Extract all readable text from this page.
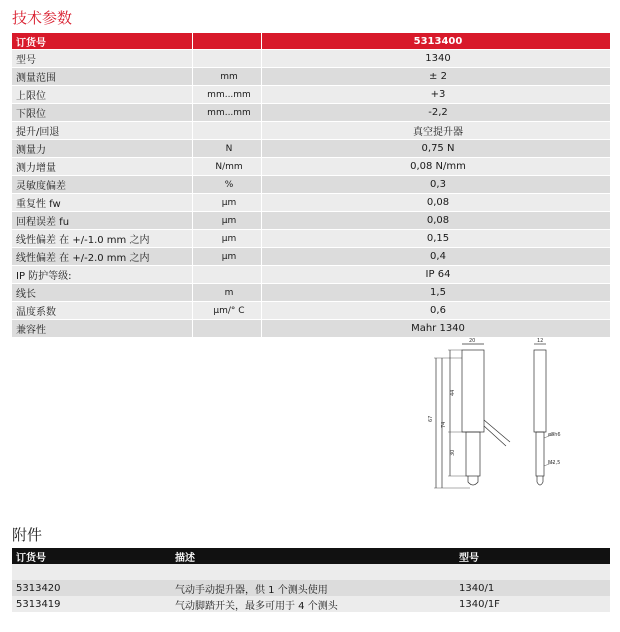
技术参数
订货号		5313400
型号		1340
测量范围	mm	± 2
上限位	mm...mm	+3
下限位	mm...mm	-2,2
提升/回退		真空提升器
测量力	N	0,75 N
测力增量	N/mm	0,08 N/mm
灵敏度偏差	%	0,3
重复性 fw	µm	0,08
回程误差 fu	µm	0,08
线性偏差 在 +/-1.0 mm 之内	µm	0,15
线性偏差 在 +/-2.0 mm 之内	µm	0,4
IP 防护等级:		IP 64
线长	m	1,5
温度系数	µm/° C	0,6
兼容性		Mahr 1340
20	12
67
74
44
30
ø8h6
M2,5
附件
订货号	描述	型号

5313420	气动手动提升器，供 1 个测头使用	1340/1
5313419	气动脚踏开关，最多可用于 4 个测头	1340/1F
